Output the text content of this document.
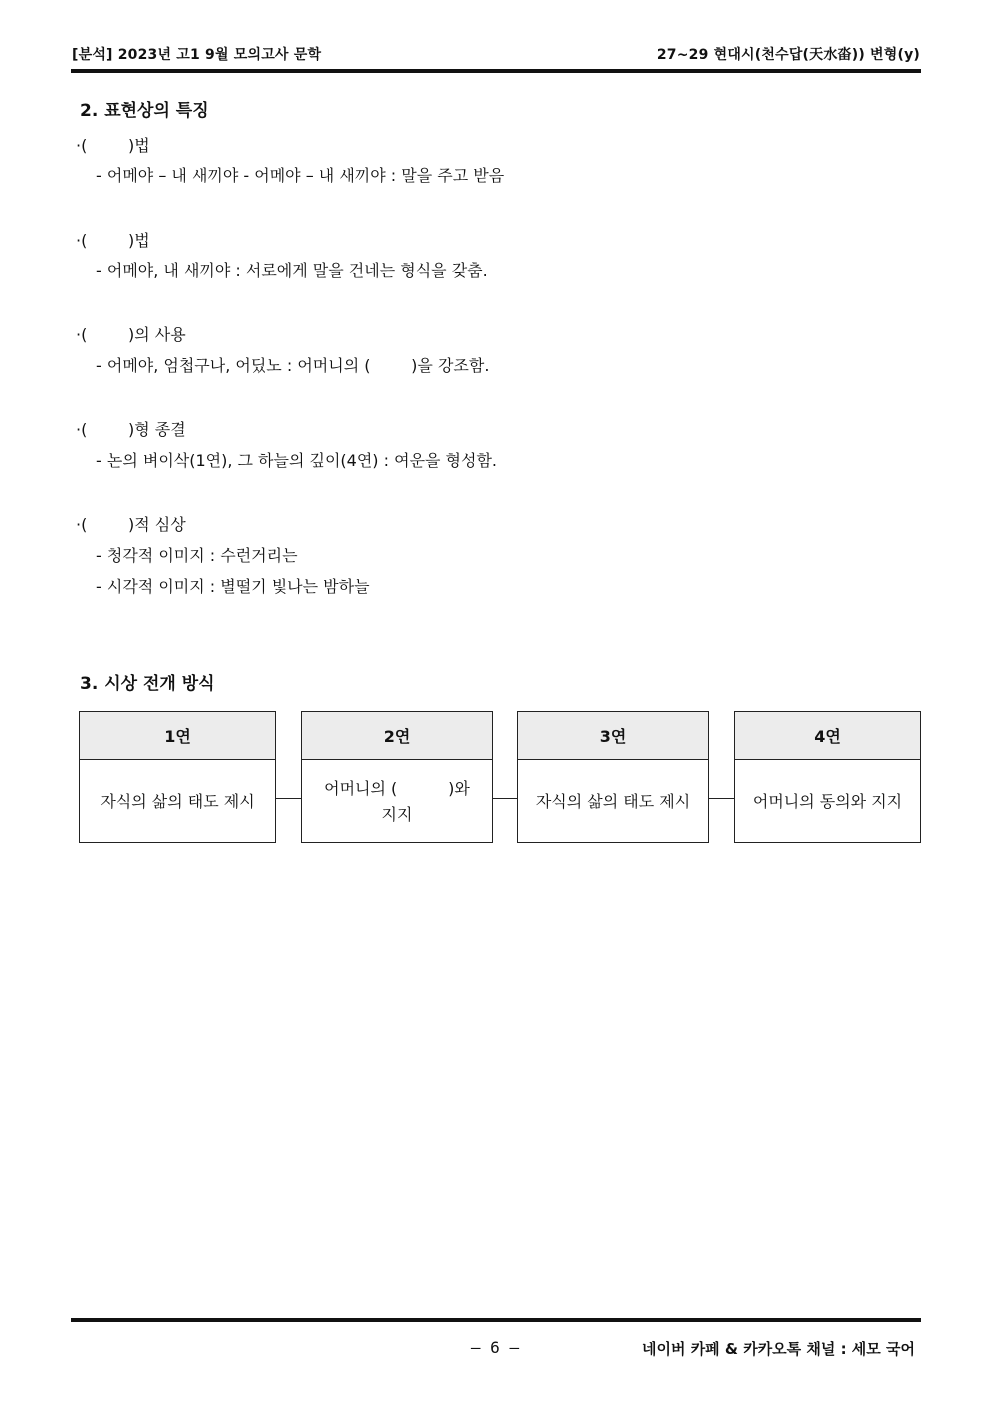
[분석] 2023년 고1 9월 모의고사 문학	27~29 현대시(천수답(天水畓)) 변형(y)
2. 표현상의 특징
·(        )법
- 어메야 – 내 새끼야 - 어메야 – 내 새끼야 : 말을 주고 받음
·(        )법
- 어메야, 내 새끼야 : 서로에게 말을 건네는 형식을 갖춤.
·(        )의 사용
- 어메야, 엄첩구나, 어딨노 : 어머니의 (        )을 강조함.
·(        )형 종결
- 논의 벼이삭(1연), 그 하늘의 깊이(4연) : 여운을 형성함.
·(        )적 심상
- 청각적 이미지 : 수런거리는
- 시각적 이미지 : 별떨기 빛나는 밤하늘
3. 시상 전개 방식
1연
자식의 삶의 태도 제시
2연
어머니의 (          )와 지지
3연
자식의 삶의 태도 제시
4연
어머니의 동의와 지지
– 6 –	네이버 카페 & 카카오톡 채널 : 세모 국어
